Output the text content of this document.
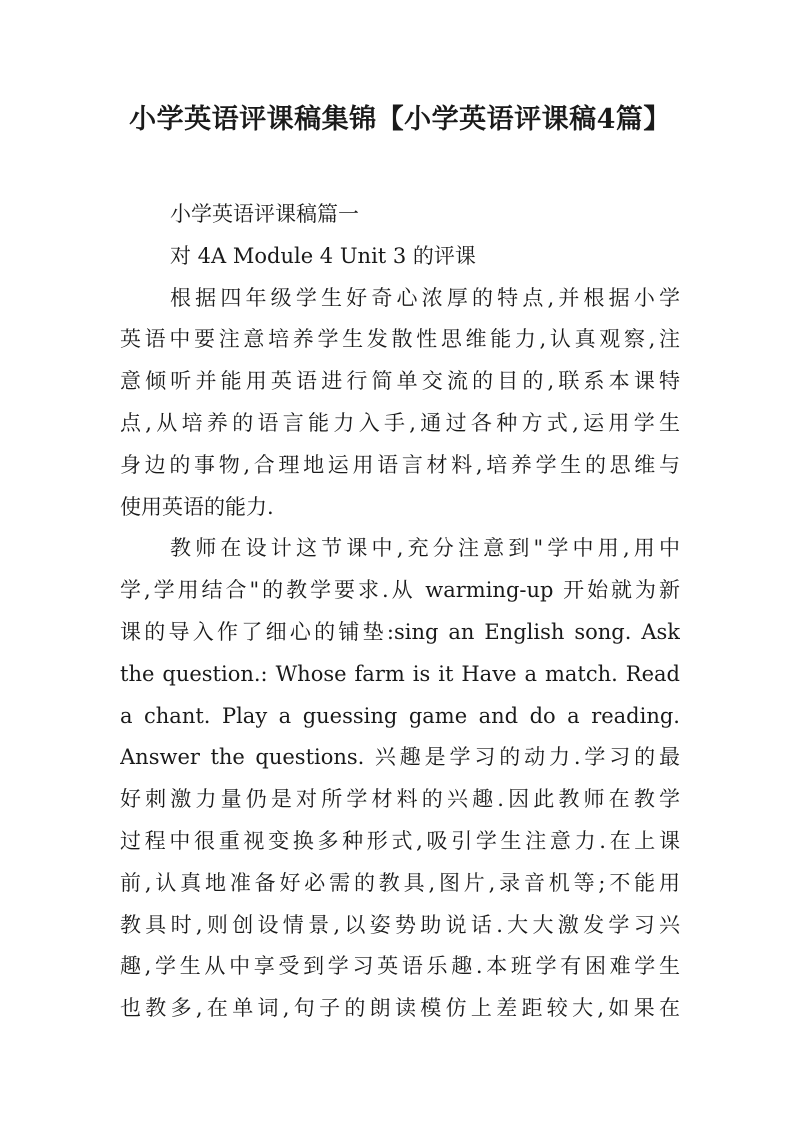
小学英语评课稿集锦【小学英语评课稿4篇】
小学英语评课稿篇一
对 4A Module 4 Unit 3 的评课
根据四年级学生好奇心浓厚的特点,并根据小学
英语中要注意培养学生发散性思维能力,认真观察,注
意倾听并能用英语进行简单交流的目的,联系本课特
点,从培养的语言能力入手,通过各种方式,运用学生
身边的事物,合理地运用语言材料,培养学生的思维与
使用英语的能力.
教师在设计这节课中,充分注意到"学中用,用中
学,学用结合"的教学要求.从 warming-up 开始就为新
课的导入作了细心的铺垫:sing an English song. Ask
the question.: Whose farm is it Have a match. Read
a chant. Play a guessing game and do a reading.
Answer the questions. 兴趣是学习的动力.学习的最
好刺激力量仍是对所学材料的兴趣.因此教师在教学
过程中很重视变换多种形式,吸引学生注意力.在上课
前,认真地准备好必需的教具,图片,录音机等;不能用
教具时,则创设情景,以姿势助说话.大大激发学习兴
趣,学生从中享受到学习英语乐趣.本班学有困难学生
也教多,在单词,句子的朗读模仿上差距较大,如果在
